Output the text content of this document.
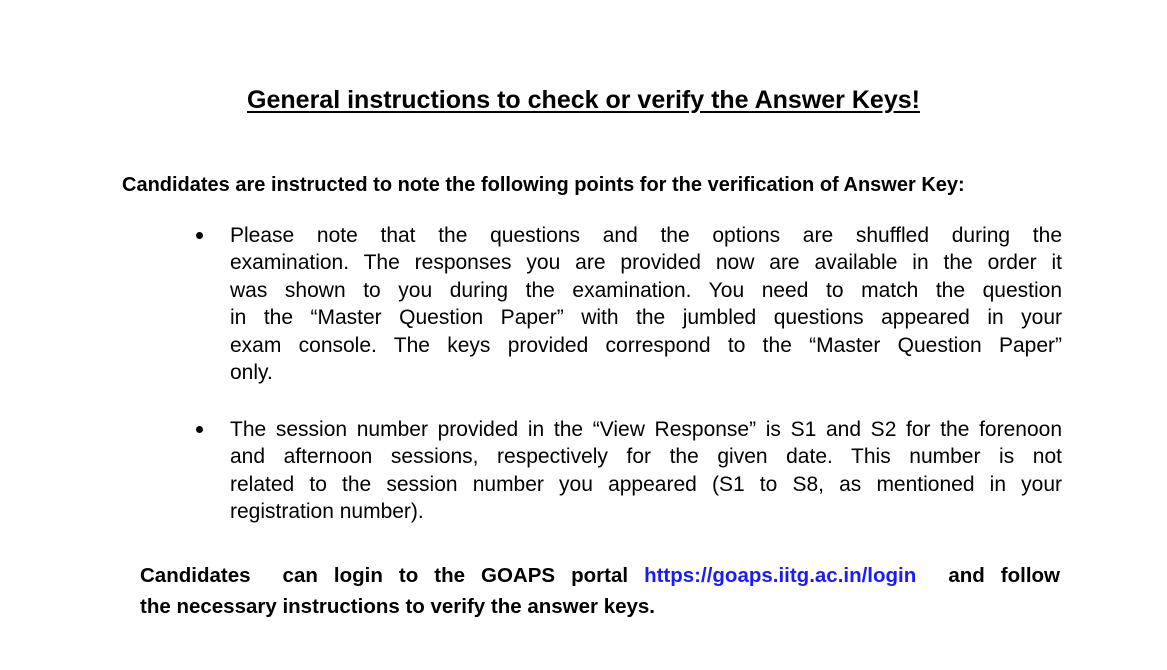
General instructions to check or verify the Answer Keys!
Candidates are instructed to note the following points for the verification of Answer Key:
Please note that the questions and the options are shuffled during the
examination. The responses you are provided now are available in the order it
was shown to you during the examination. You need to match the question
in the “Master Question Paper” with the jumbled questions appeared in your
exam console. The keys provided correspond to the “Master Question Paper”
only.
The session number provided in the “View Response” is S1 and S2 for the forenoon
and afternoon sessions, respectively for the given date. This number is not
related to the session number you appeared (S1 to S8, as mentioned in your
registration number).
Candidates  can login to the GOAPS portal https://goaps.iitg.ac.in/login  and follow
the necessary instructions to verify the answer keys.
